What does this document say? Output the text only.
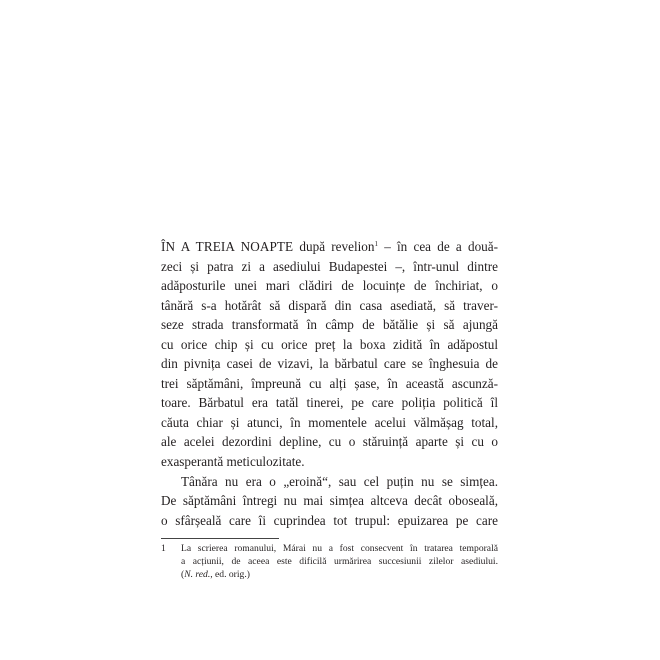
ÎN A TREIA NOAPTE după revelion$^1$ – în cea de a două-
zeci și patra zi a asediului Budapestei –, într-unul dintre
adăposturile unei mari clădiri de locuințe de închiriat, o
tânără s-a hotărât să dispară din casa asediată, să traver-
seze strada transformată în câmp de bătălie și să ajungă
cu orice chip și cu orice preț la boxa zidită în adăpostul
din pivnița casei de vizavi, la bărbatul care se înghesuia de
trei săptămâni, împreună cu alți șase, în această ascunză-
toare. Bărbatul era tatăl tinerei, pe care poliția politică îl
căuta chiar și atunci, în momentele acelui vălmășag total,
ale acelei dezordini depline, cu o stăruință aparte și cu o
exasperantă meticulozitate.

Tânăra nu era o „eroină“, sau cel puțin nu se simțea.
De săptămâni întregi nu mai simțea altceva decât oboseală,
o sfârșeală care îi cuprindea tot trupul: epuizarea pe care

1 La scrierea romanului, Márai nu a fost consecvent în tratarea temporală
a acțiunii, de aceea este dificilă urmărirea succesiunii zilelor asediului.
(N. red., ed. orig.)
